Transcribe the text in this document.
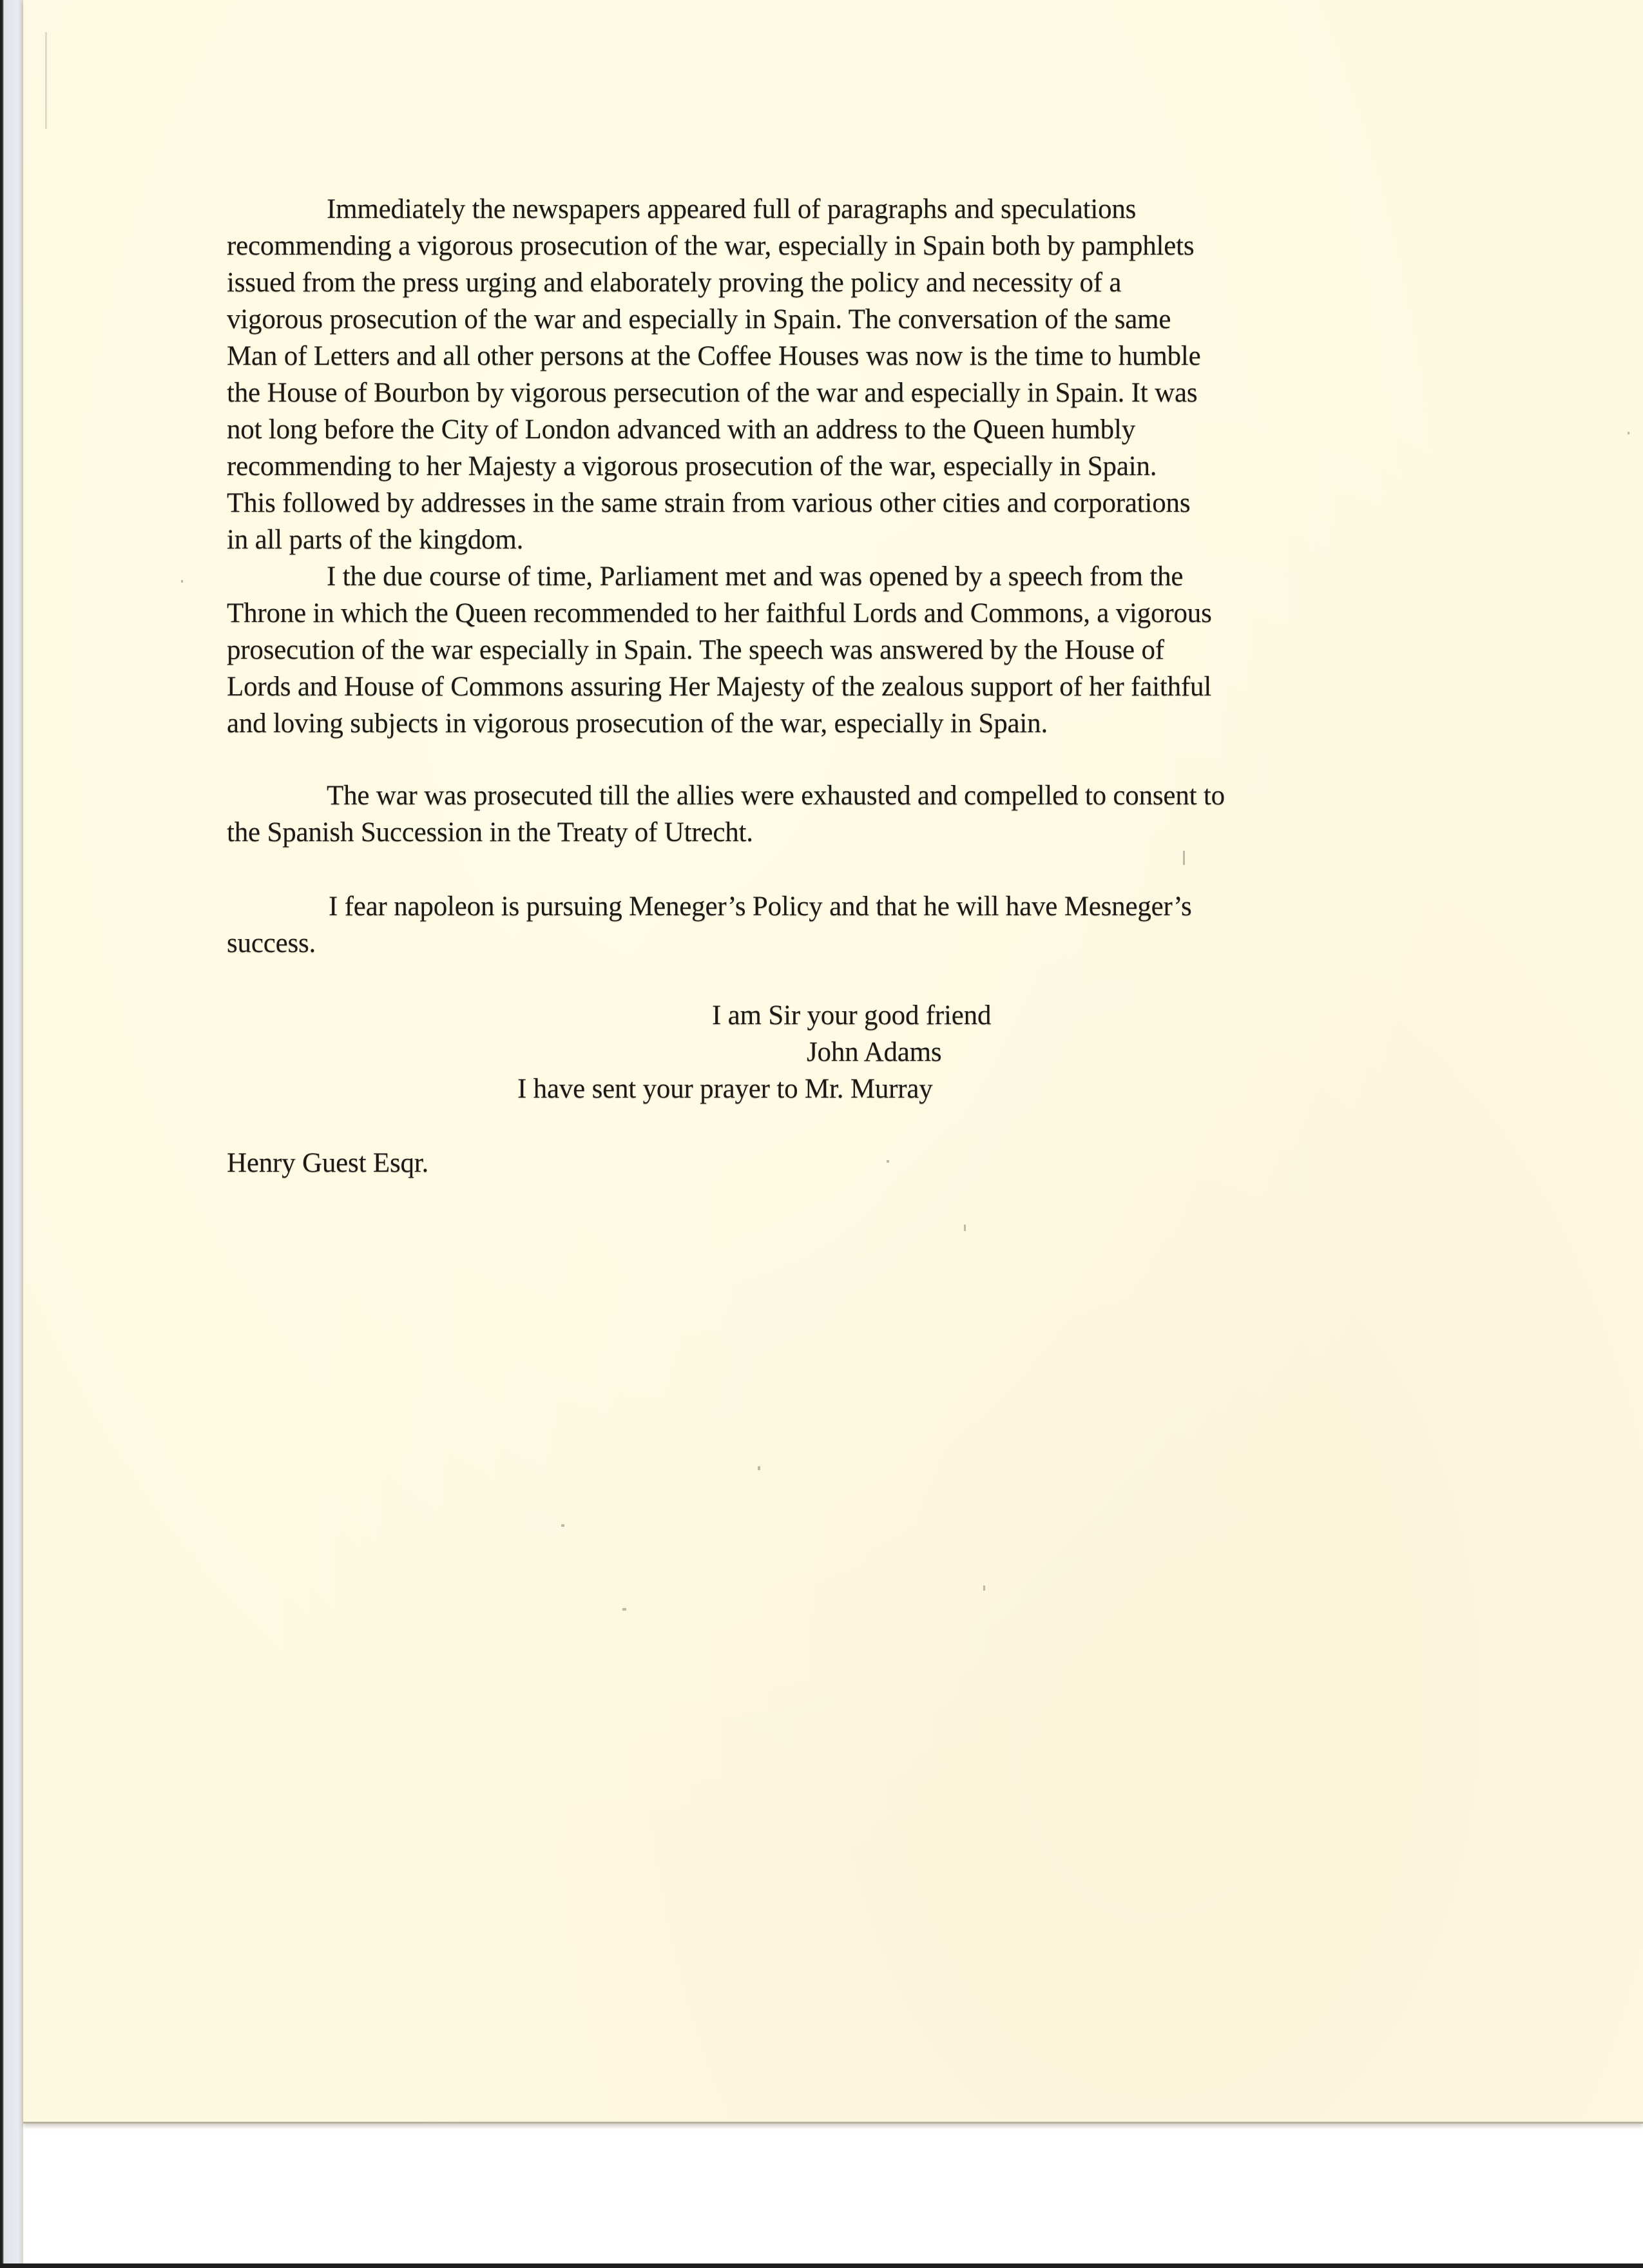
Immediately the newspapers appeared full of paragraphs and speculations
recommending a vigorous prosecution of the war, especially in Spain both by pamphlets
issued from the press urging and elaborately proving the policy and necessity of a
vigorous prosecution of the war and especially in Spain. The conversation of the same
Man of Letters and all other persons at the Coffee Houses was now is the time to humble
the House of Bourbon by vigorous persecution of the war and especially in Spain. It was
not long before the City of London advanced with an address to the Queen humbly
recommending to her Majesty a vigorous prosecution of the war, especially in Spain.
This followed by addresses in the same strain from various other cities and corporations
in all parts of the kingdom.
I the due course of time, Parliament met and was opened by a speech from the
Throne in which the Queen recommended to her faithful Lords and Commons, a vigorous
prosecution of the war especially in Spain. The speech was answered by the House of
Lords and House of Commons assuring Her Majesty of the zealous support of her faithful
and loving subjects in vigorous prosecution of the war, especially in Spain.
The war was prosecuted till the allies were exhausted and compelled to consent to
the Spanish Succession in the Treaty of Utrecht.
I fear napoleon is pursuing Meneger’s Policy and that he will have Mesneger’s
success.
I am Sir your good friend
John Adams
I have sent your prayer to Mr. Murray
Henry Guest Esqr.
